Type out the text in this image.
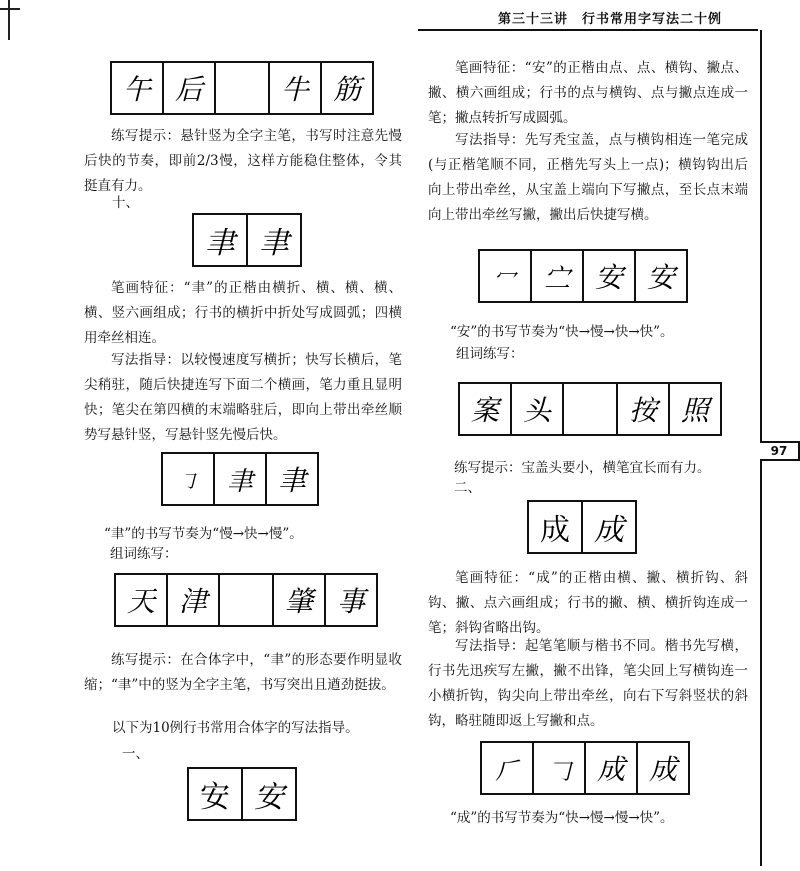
第三十三讲　行书常用字写法二十例
97
午 后	牛 筋

练写提示：悬针竖为全字主笔，书写时注意先慢后快的节奏，即前2/3慢，这样方能稳住整体，令其挺直有力。

十、

聿 聿

笔画特征：“聿”的正楷由横折、横、横、横、横、竖六画组成；行书的横折中折处写成圆弧；四横用牵丝相连。

写法指导：以较慢速度写横折；快写长横后，笔尖稍驻，随后快捷连写下面二个横画，笔力重且显明快；笔尖在第四横的末端略驻后，即向上带出牵丝顺势写悬针竖，写悬针竖先慢后快。

㇆	聿 聿

“聿”的书写节奏为“慢→快→慢”。

组词练写：

天 津	肇 事

练写提示：在合体字中，“聿”的形态要作明显收缩；“聿”中的竖为全字主笔，书写突出且遒劲挺拔。

以下为10例行书常用合体字的写法指导。

一、

安 安

笔画特征：“安”的正楷由点、点、横钩、撇点、撇、横六画组成；行书的点与横钩、点与撇点连成一笔；撇点转折写成圆弧。

写法指导：先写秃宝盖，点与横钩相连一笔完成(与正楷笔顺不同，正楷先写头上一点)；横钩钩出后向上带出牵丝，从宝盖上端向下写撇点，至长点末端向上带出牵丝写撇，撇出后快捷写横。

冖	㝉 安 安

“安”的书写节奏为“快→慢→快→快”。

组词练写：

案 头	按 照

练写提示：宝盖头要小，横笔宜长而有力。

二、

成 成

笔画特征：“成”的正楷由横、撇、横折钩、斜钩、撇、点六画组成；行书的撇、横、横折钩连成一笔；斜钩省略出钩。

写法指导：起笔笔顺与楷书不同。楷书先写横，行书先迅疾写左撇，撇不出锋，笔尖回上写横钩连一小横折钩，钩尖向上带出牵丝，向右下写斜竖状的斜钩，略驻随即返上写撇和点。

𠂆	𠃌 成 成

“成”的书写节奏为“快→慢→慢→快”。
